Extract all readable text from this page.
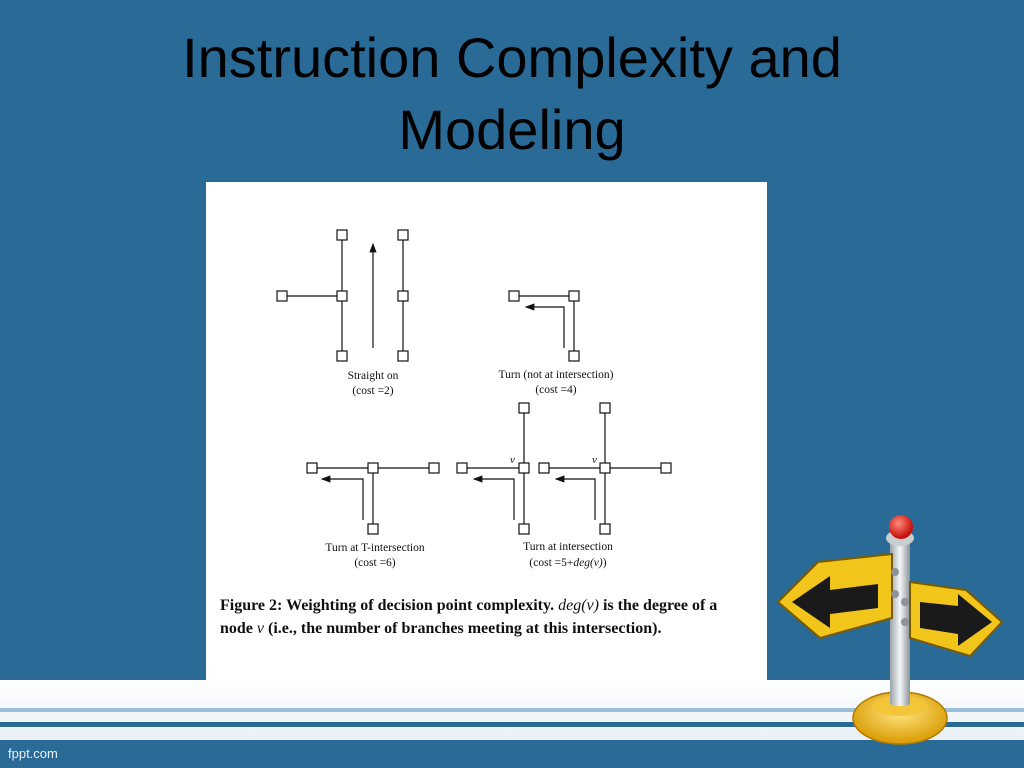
Instruction Complexity and
Modeling
v	v
Straight on
(cost =2)
Turn (not at intersection)
(cost =4)
Turn at T-intersection
(cost =6)
Turn at intersection
(cost =5+deg(v))
Figure 2: Weighting of decision point complexity. deg(v) is the degree of a node v (i.e., the number of branches meeting at this intersection).
fppt.com
